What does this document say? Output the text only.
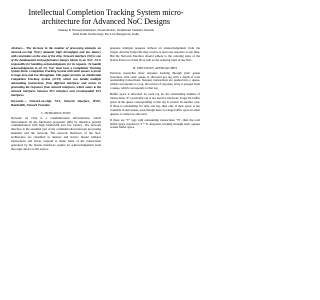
Intellectual Completion Tracking System micro-architecture for Advanced NoC Designs
Sudeep P, Naveen Kumaran, Sreenath AK, Vadlamani Venkata Sateesh
Intel India Technology Pvt Ltd, Bangalore, India

Abstract— The increase in the number of processing elements on network-on-chip (NoC) demands high throughput and low latency with constraints on the area of the chip. Network interface (NI) is one of the fundamental and performance-hungry blocks in an NoC. NI is responsible for handling acknowledgments for its requests. To handle acknowledgments in an NI, NoC must have a Completion Tracking System block. Completion Tracking System with static queues is prone to huge area and low throughput. This paper presents an Intellectual Completion Tracking System (ICTS) which can handle multiple outstanding transactions from different interfaces and assists in generating the responses from network interfaces, which caters to the network interfaces between PCI Interface and recommended PCI interfaces.

Keywords— Network-on-chip, NCI, Network Interface, IEEE, Bandwidth, Network Function

I. INTRODUCTION

Network on Chip is a communication infrastructure, which interconnects all the functional properties (IPs) by intensive parallel communication with high bandwidth and low latency. The network interface is the essential part of the communication between processing elements and the network. The network interfaces of the NoC architecture are classified as masters and slaves: master initiates transactions and slaves respond to them. Most of the transactions generated by the master interfaces require an acknowledgement from the target device to the source.

generate multiple requests without an acknowledgement from the Target. And the Target IPs may receive at least one response at any time. But the Network Interface should adhere to the ordering rules of the Native Protocol of that IP as well as the ordering rules of the NoC.

II. PREVIOUS APPROACHES

Previous researches show response tracking through static queue structures. One static queue is allocated per tag with a depth of total outstanding transactions. Request transactions are pushed into a queue, which corresponds to a tag. On arrival of response, entry is popped from a queue, which corresponds to that tag.

Buffer space is allocated for each tag for the outstanding number of transactions. If a particular tag is not used by hardware Target IP, buffer space in the queue corresponding to that tag is wasted. In another case, if there is outstanding for only one tag, then only if their space is not available in that queue, even though there is a huge buffer space in other queues, it cannot be allocated.

If there are "T" tags with outstanding transactions "N", then the total buffer space required is T * N. Response tracking through static queues wastes buffer space.
